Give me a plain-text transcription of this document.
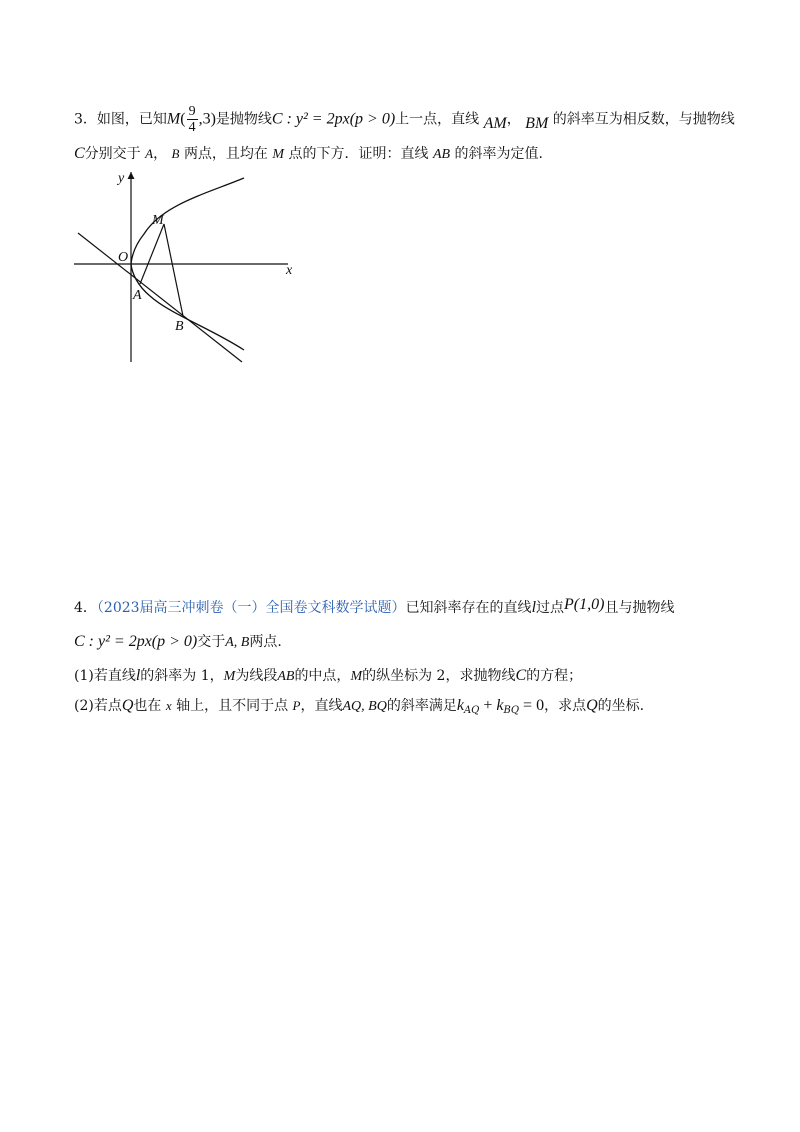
3．如图，已知$M( \frac{9}{4} ,3)$是抛物线C : y² = 2px(p > 0)上一点，直线 AM， BM 的斜率互为相反数，与抛物线
C分别交于 A， B 两点，且均在 M 点的下方．证明：直线 AB 的斜率为定值.
y
x
O
M
A
B
4．（2023届高三冲刺卷（一）全国卷文科数学试题）已知斜率存在的直线l过点P(1,0)且与抛物线
C : y² = 2px(p > 0)交于A, B两点.
(1)若直线l的斜率为 1，M为线段AB的中点，M的纵坐标为 2，求抛物线C的方程；
(2)若点Q也在 x 轴上，且不同于点 P，直线AQ, BQ的斜率满足$k_{AQ} + k_{BQ} = 0$，求点Q的坐标.
